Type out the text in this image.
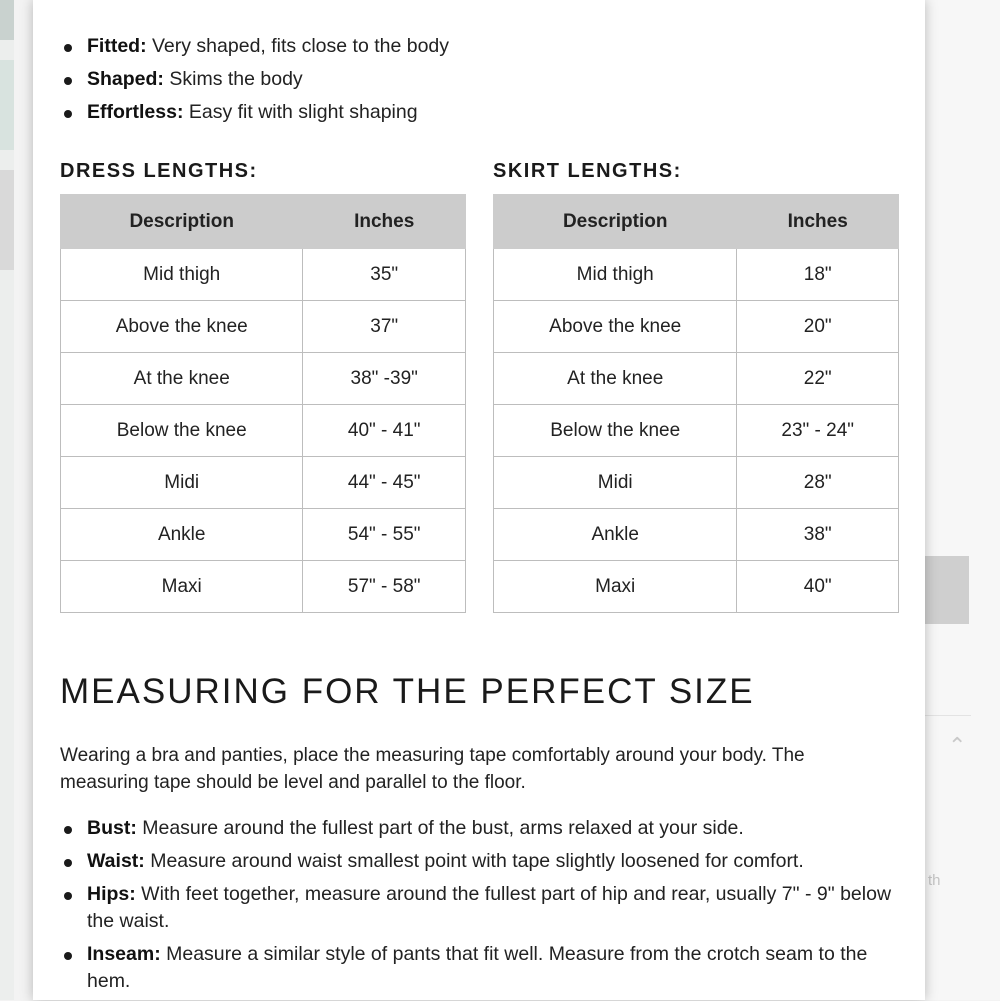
⌃
th
Fitted: Very shaped, fits close to the body
Shaped: Skims the body
Effortless: Easy fit with slight shaping
DRESS LENGTHS:	SKIRT LENGTHS:
Description	Inches
Mid thigh	35"
Above the knee	37"
At the knee	38" -39"
Below the knee	40" - 41"
Midi	44" - 45"
Ankle	54" - 55"
Maxi	57" - 58"
Description	Inches
Mid thigh	18"
Above the knee	20"
At the knee	22"
Below the knee	23" - 24"
Midi	28"
Ankle	38"
Maxi	40"
MEASURING FOR THE PERFECT SIZE
Wearing a bra and panties, place the measuring tape comfortably around your body. The measuring tape should be level and parallel to the floor.
Bust: Measure around the fullest part of the bust, arms relaxed at your side.
Waist: Measure around waist smallest point with tape slightly loosened for comfort.
Hips: With feet together, measure around the fullest part of hip and rear, usually 7" - 9" below the waist.
Inseam: Measure a similar style of pants that fit well. Measure from the crotch seam to the hem.
